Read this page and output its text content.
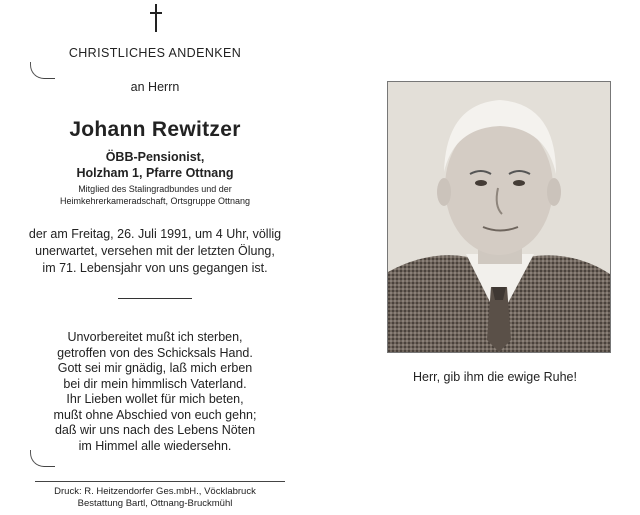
CHRISTLICHES ANDENKEN
an Herrn
Johann Rewitzer
ÖBB-Pensionist,
Holzham 1, Pfarre Ottnang
Mitglied des Stalingradbundes und der
Heimkehrerkameradschaft, Ortsgruppe Ottnang
der am Freitag, 26. Juli 1991, um 4 Uhr, völlig
unerwartet, versehen mit der letzten Ölung,
im 71. Lebensjahr von uns gegangen ist.
Unvorbereitet mußt ich sterben,
getroffen von des Schicksals Hand.
Gott sei mir gnädig, laß mich erben
bei dir mein himmlisch Vaterland.
Ihr Lieben wollet für mich beten,
mußt ohne Abschied von euch gehn;
daß wir uns nach des Lebens Nöten
im Himmel alle wiedersehn.
Druck: R. Heitzendorfer Ges.mbH., Vöcklabruck
Bestattung Bartl, Ottnang-Bruckmühl
Herr, gib ihm die ewige Ruhe!
